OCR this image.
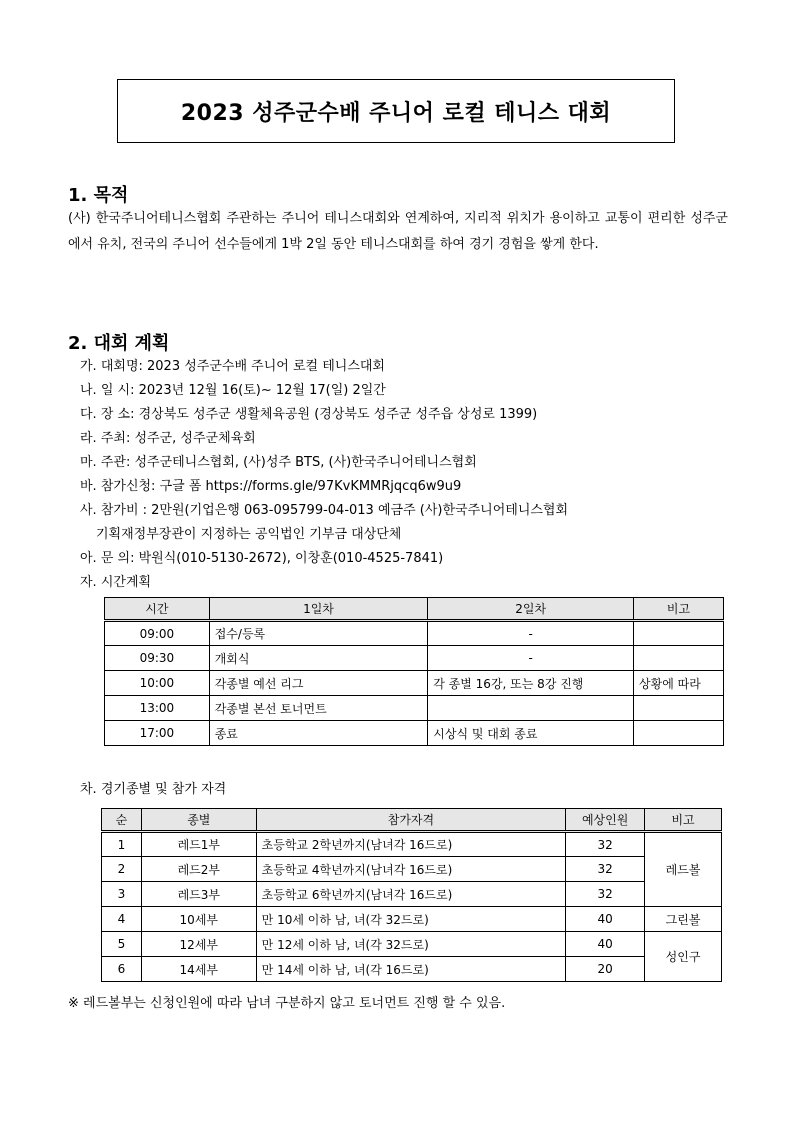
2023 성주군수배 주니어 로컬 테니스 대회
1. 목적
(사) 한국주니어테니스협회 주관하는 주니어 테니스대회와 연계하여, 지리적 위치가 용이하고 교통이 편리한 성주군에서 유치, 전국의 주니어 선수들에게 1박 2일 동안 테니스대회를 하여 경기 경험을 쌓게 한다.
2. 대회 계획
가. 대회명: 2023 성주군수배 주니어 로컬 테니스대회
나. 일 시: 2023년 12월 16(토)~ 12월 17(일) 2일간
다. 장 소: 경상북도 성주군 생활체육공원 (경상북도 성주군 성주읍 상성로 1399)
라. 주최: 성주군, 성주군체육회
마. 주관: 성주군테니스협회, (사)성주 BTS, (사)한국주니어테니스협회
바. 참가신청: 구글 폼 https://forms.gle/97KvKMMRjqcq6w9u9
사. 참가비 : 2만원(기업은행 063-095799-04-013 예금주 (사)한국주니어테니스협회
기획재정부장관이 지정하는 공익법인 기부금 대상단체
아. 문 의: 박원식(010-5130-2672), 이창훈(010-4525-7841)
자. 시간계획
시간	1일차	2일차	비고
09:00	접수/등록	-	
09:30	개회식	-	
10:00	각종별 예선 리그	각 종별 16강, 또는 8강 진행	상황에 따라
13:00	각종별 본선 토너먼트		
17:00	종료	시상식 및 대회 종료	
차. 경기종별 및 참가 자격
순	종별	참가자격	예상인원	비고
1	레드1부	초등학교 2학년까지(남녀각 16드로)	32	레드볼
2	레드2부	초등학교 4학년까지(남녀각 16드로)	32	
3	레드3부	초등학교 6학년까지(남녀각 16드로)	32	
4	10세부	만 10세 이하 남, 녀(각 32드로)	40	그린볼
5	12세부	만 12세 이하 남, 녀(각 32드로)	40	성인구
6	14세부	만 14세 이하 남, 녀(각 16드로)	20	
※ 레드볼부는 신청인원에 따라 남녀 구분하지 않고 토너먼트 진행 할 수 있음.
